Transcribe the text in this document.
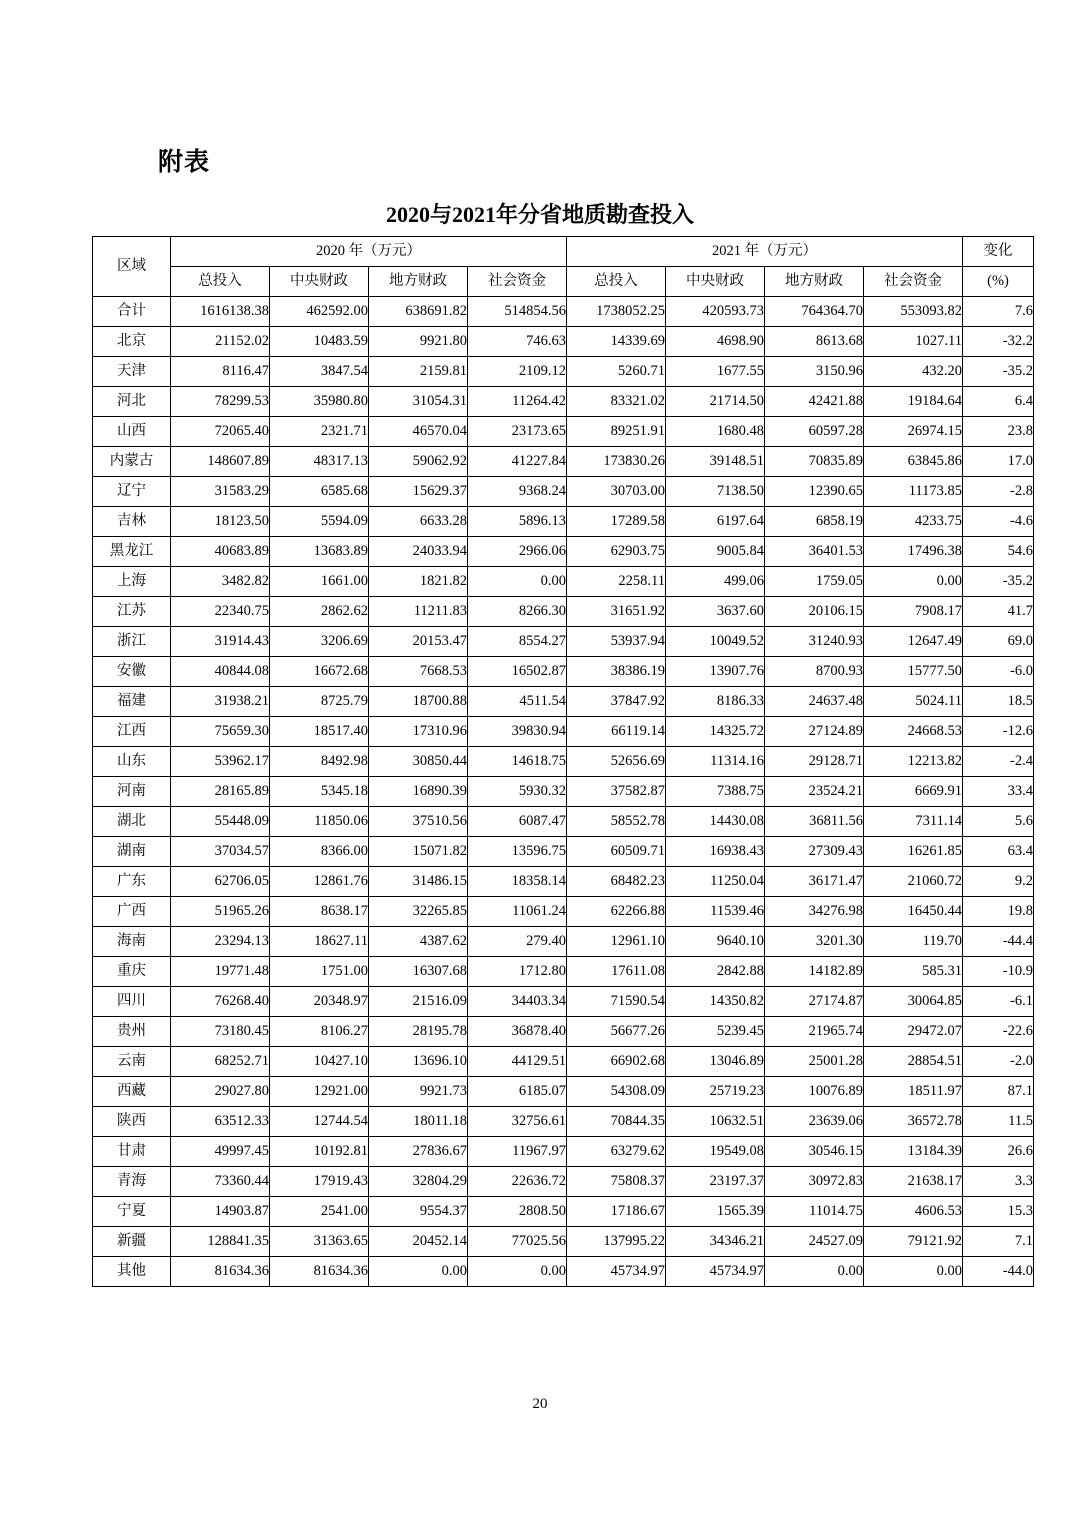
附表
2020与2021年分省地质勘查投入
区域	2020 年（万元）				2021 年（万元）				变化
	总投入	中央财政	地方财政	社会资金	总投入	中央财政	地方财政	社会资金	(%)
合计	1616138.38	462592.00	638691.82	514854.56	1738052.25	420593.73	764364.70	553093.82	7.6
北京	21152.02	10483.59	9921.80	746.63	14339.69	4698.90	8613.68	1027.11	-32.2
天津	8116.47	3847.54	2159.81	2109.12	5260.71	1677.55	3150.96	432.20	-35.2
河北	78299.53	35980.80	31054.31	11264.42	83321.02	21714.50	42421.88	19184.64	6.4
山西	72065.40	2321.71	46570.04	23173.65	89251.91	1680.48	60597.28	26974.15	23.8
内蒙古	148607.89	48317.13	59062.92	41227.84	173830.26	39148.51	70835.89	63845.86	17.0
辽宁	31583.29	6585.68	15629.37	9368.24	30703.00	7138.50	12390.65	11173.85	-2.8
吉林	18123.50	5594.09	6633.28	5896.13	17289.58	6197.64	6858.19	4233.75	-4.6
黑龙江	40683.89	13683.89	24033.94	2966.06	62903.75	9005.84	36401.53	17496.38	54.6
上海	3482.82	1661.00	1821.82	0.00	2258.11	499.06	1759.05	0.00	-35.2
江苏	22340.75	2862.62	11211.83	8266.30	31651.92	3637.60	20106.15	7908.17	41.7
浙江	31914.43	3206.69	20153.47	8554.27	53937.94	10049.52	31240.93	12647.49	69.0
安徽	40844.08	16672.68	7668.53	16502.87	38386.19	13907.76	8700.93	15777.50	-6.0
福建	31938.21	8725.79	18700.88	4511.54	37847.92	8186.33	24637.48	5024.11	18.5
江西	75659.30	18517.40	17310.96	39830.94	66119.14	14325.72	27124.89	24668.53	-12.6
山东	53962.17	8492.98	30850.44	14618.75	52656.69	11314.16	29128.71	12213.82	-2.4
河南	28165.89	5345.18	16890.39	5930.32	37582.87	7388.75	23524.21	6669.91	33.4
湖北	55448.09	11850.06	37510.56	6087.47	58552.78	14430.08	36811.56	7311.14	5.6
湖南	37034.57	8366.00	15071.82	13596.75	60509.71	16938.43	27309.43	16261.85	63.4
广东	62706.05	12861.76	31486.15	18358.14	68482.23	11250.04	36171.47	21060.72	9.2
广西	51965.26	8638.17	32265.85	11061.24	62266.88	11539.46	34276.98	16450.44	19.8
海南	23294.13	18627.11	4387.62	279.40	12961.10	9640.10	3201.30	119.70	-44.4
重庆	19771.48	1751.00	16307.68	1712.80	17611.08	2842.88	14182.89	585.31	-10.9
四川	76268.40	20348.97	21516.09	34403.34	71590.54	14350.82	27174.87	30064.85	-6.1
贵州	73180.45	8106.27	28195.78	36878.40	56677.26	5239.45	21965.74	29472.07	-22.6
云南	68252.71	10427.10	13696.10	44129.51	66902.68	13046.89	25001.28	28854.51	-2.0
西藏	29027.80	12921.00	9921.73	6185.07	54308.09	25719.23	10076.89	18511.97	87.1
陕西	63512.33	12744.54	18011.18	32756.61	70844.35	10632.51	23639.06	36572.78	11.5
甘肃	49997.45	10192.81	27836.67	11967.97	63279.62	19549.08	30546.15	13184.39	26.6
青海	73360.44	17919.43	32804.29	22636.72	75808.37	23197.37	30972.83	21638.17	3.3
宁夏	14903.87	2541.00	9554.37	2808.50	17186.67	1565.39	11014.75	4606.53	15.3
新疆	128841.35	31363.65	20452.14	77025.56	137995.22	34346.21	24527.09	79121.92	7.1
其他	81634.36	81634.36	0.00	0.00	45734.97	45734.97	0.00	0.00	-44.0
20
